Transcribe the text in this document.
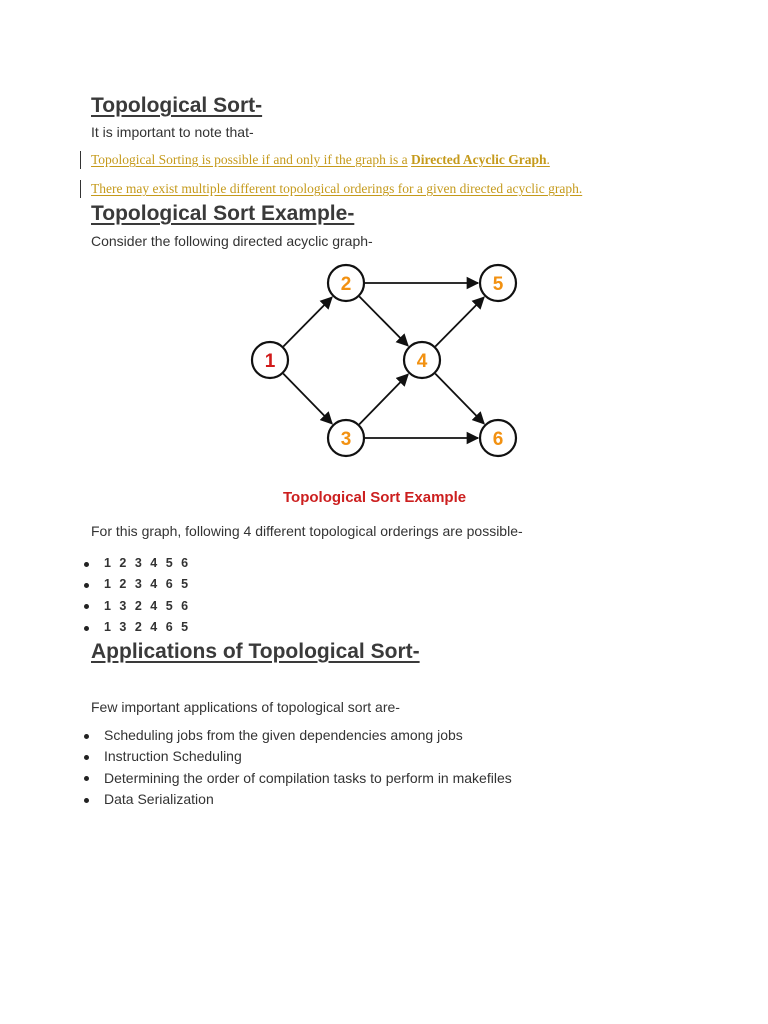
Topological Sort-

It is important to note that-

Topological Sorting is possible if and only if the graph is a Directed Acyclic Graph.

There may exist multiple different topological orderings for a given directed acyclic graph.

Topological Sort Example-

Consider the following directed acyclic graph-

1
2
3
4
5
6

Topological Sort Example

For this graph, following 4 different topological orderings are possible-

1 2 3 4 5 6
1 2 3 4 6 5
1 3 2 4 5 6
1 3 2 4 6 5
Applications of Topological Sort-

Few important applications of topological sort are-

Scheduling jobs from the given dependencies among jobs
Instruction Scheduling
Determining the order of compilation tasks to perform in makefiles
Data Serialization
